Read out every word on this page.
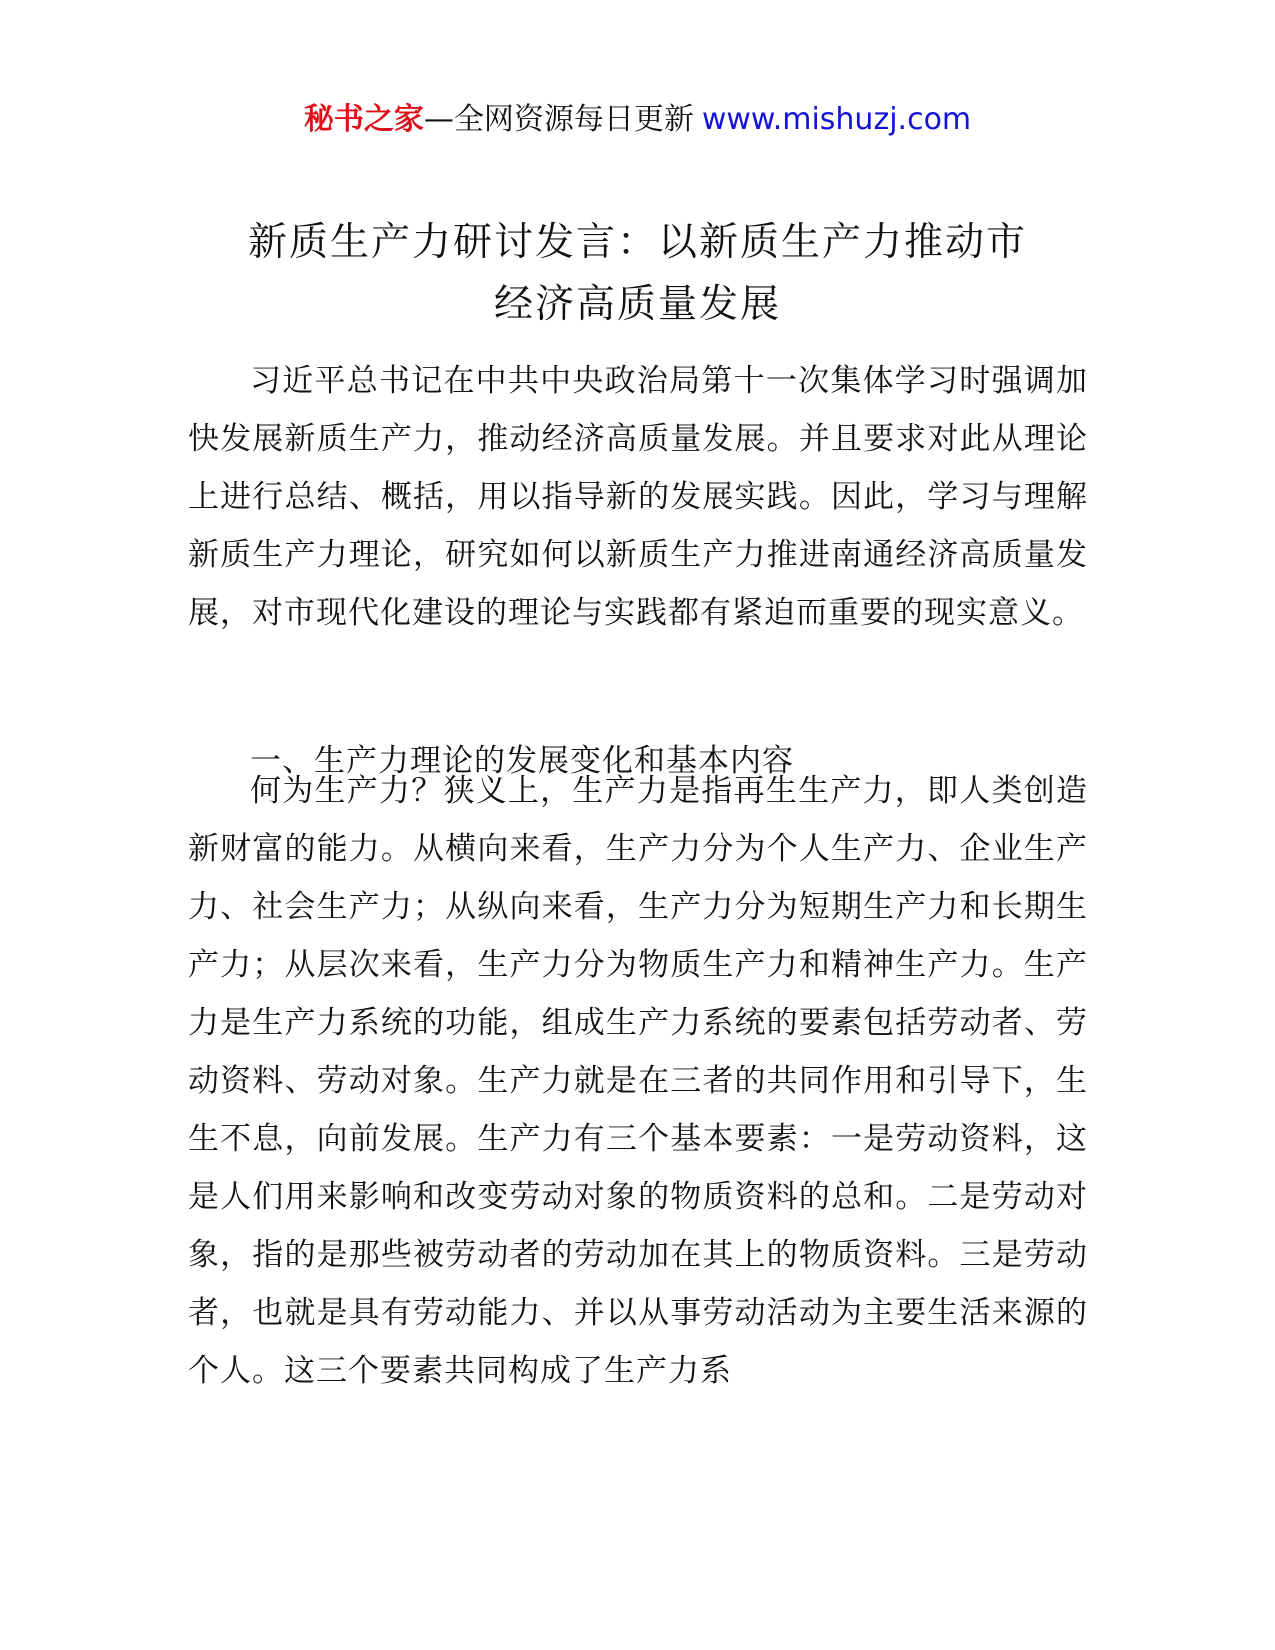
秘书之家—全网资源每日更新 www.mishuzj.com
新质生产力研讨发言：以新质生产力推动市
经济高质量发展

习近平总书记在中共中央政治局第十一次集体学习时强调加快发展新质生产力，推动经济高质量发展。并且要求对此从理论上进行总结、概括，用以指导新的发展实践。因此，学习与理解新质生产力理论，研究如何以新质生产力推进南通经济高质量发展，对市现代化建设的理论与实践都有紧迫而重要的现实意义。

一、生产力理论的发展变化和基本内容

何为生产力？狭义上，生产力是指再生生产力，即人类创造新财富的能力。从横向来看，生产力分为个人生产力、企业生产力、社会生产力；从纵向来看，生产力分为短期生产力和长期生产力；从层次来看，生产力分为物质生产力和精神生产力。生产力是生产力系统的功能，组成生产力系统的要素包括劳动者、劳动资料、劳动对象。生产力就是在三者的共同作用和引导下，生生不息，向前发展。生产力有三个基本要素：一是劳动资料，这是人们用来影响和改变劳动对象的物质资料的总和。二是劳动对象，指的是那些被劳动者的劳动加在其上的物质资料。三是劳动者，也就是具有劳动能力、并以从事劳动活动为主要生活来源的个人。这三个要素共同构成了生产力系
